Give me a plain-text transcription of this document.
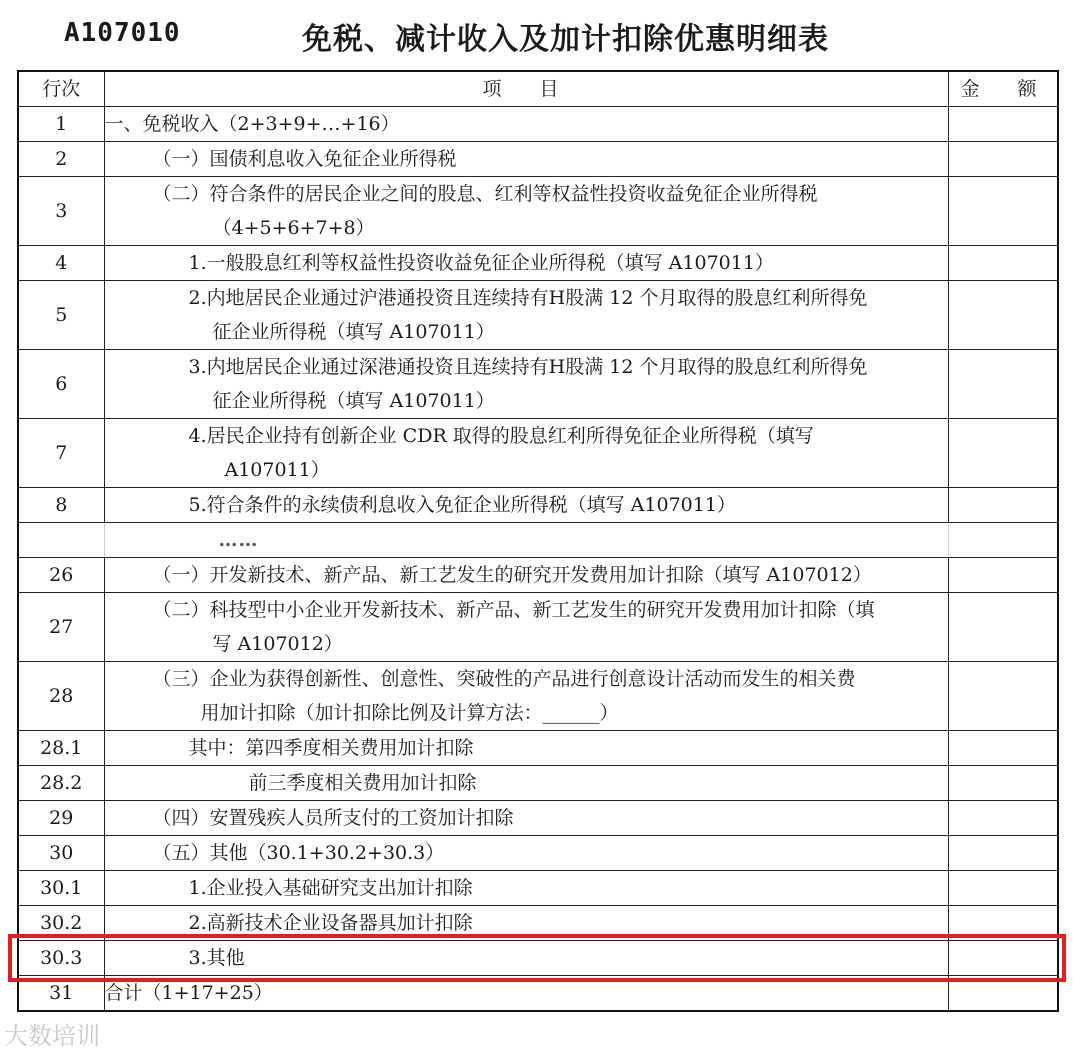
A107010	免税、减计收入及加计扣除优惠明细表
行次	项　　目	金　　额
1	一、免税收入（2+3+9+…+16）	
2	（一）国债利息收入免征企业所得税	
3	（二）符合条件的居民企业之间的股息、红利等权益性投资收益免征企业所得税
（4+5+6+7+8）	

4	1.一般股息红利等权益性投资收益免征企业所得税（填写 A107011）	
5	2.内地居民企业通过沪港通投资且连续持有H股满 12 个月取得的股息红利所得免
征企业所得税（填写 A107011）	

6	3.内地居民企业通过深港通投资且连续持有H股满 12 个月取得的股息红利所得免
征企业所得税（填写 A107011）	

7	4.居民企业持有创新企业 CDR 取得的股息红利所得免征企业所得税（填写
A107011）	

8	5.符合条件的永续债利息收入免征企业所得税（填写 A107011）	
	……	
26	（一）开发新技术、新产品、新工艺发生的研究开发费用加计扣除（填写 A107012）	
27	（二）科技型中小企业开发新技术、新产品、新工艺发生的研究开发费用加计扣除（填
写 A107012）	

28	（三）企业为获得创新性、创意性、突破性的产品进行创意设计活动而发生的相关费
用加计扣除（加计扣除比例及计算方法：______）	

28.1	其中：第四季度相关费用加计扣除	
28.2	前三季度相关费用加计扣除	
29	（四）安置残疾人员所支付的工资加计扣除	
30	（五）其他（30.1+30.2+30.3）	
30.1	1.企业投入基础研究支出加计扣除	
30.2	2.高新技术企业设备器具加计扣除	
30.3	3.其他	
31	合计（1+17+25）	
大数培训
